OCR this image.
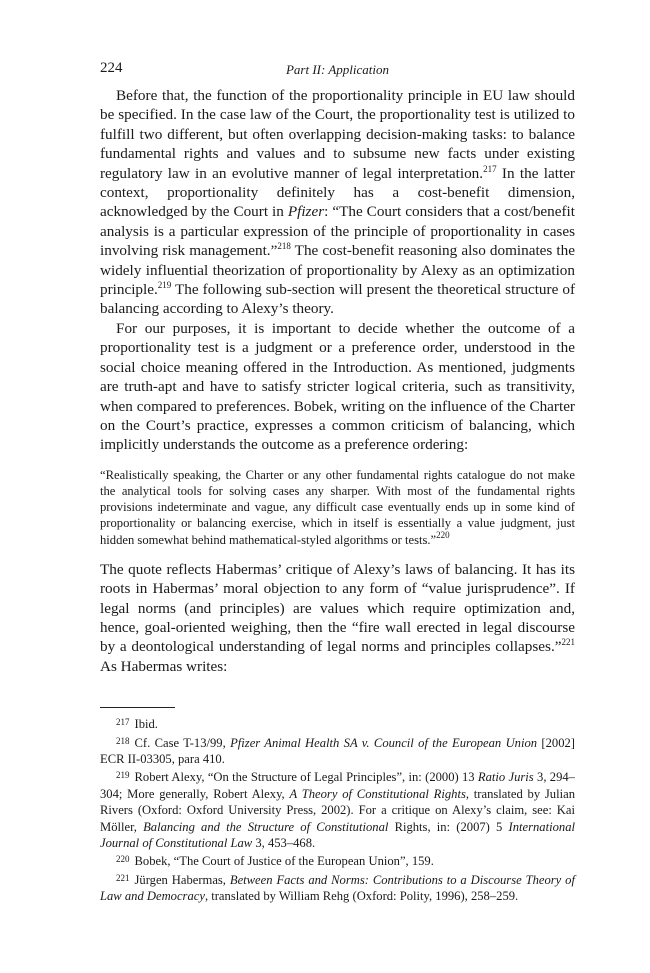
224	Part II: Application

Before that, the function of the proportionality principle in EU law should be specified. In the case law of the Court, the proportionality test is utilized to fulfill two different, but often overlapping decision-making tasks: to balance fundamental rights and values and to subsume new facts under existing regulatory law in an evolutive manner of legal interpretation.$^{217}$ In the latter context, proportionality definitely has a cost-benefit dimension, acknowledged by the Court in Pfizer: “The Court considers that a cost/benefit analysis is a particular expression of the principle of proportionality in cases involving risk management.”$^{218}$ The cost-benefit reasoning also dominates the widely influential theorization of proportionality by Alexy as an optimization principle.$^{219}$ The following sub-section will present the theoretical structure of balancing according to Alexy’s theory.

For our purposes, it is important to decide whether the outcome of a proportionality test is a judgment or a preference order, understood in the social choice meaning offered in the Introduction. As mentioned, judgments are truth-apt and have to satisfy stricter logical criteria, such as transitivity, when compared to preferences. Bobek, writing on the influence of the Charter on the Court’s practice, expresses a common criticism of balancing, which implicitly understands the outcome as a preference ordering:

“Realistically speaking, the Charter or any other fundamental rights catalogue do not make the analytical tools for solving cases any sharper. With most of the fundamental rights provisions indeterminate and vague, any difficult case eventually ends up in some kind of proportionality or balancing exercise, which in itself is essentially a value judgment, just hidden somewhat behind mathematical-styled algorithms or tests.”$^{220}$

The quote reflects Habermas’ critique of Alexy’s laws of balancing. It has its roots in Habermas’ moral objection to any form of “value jurisprudence”. If legal norms (and principles) are values which require optimization and, hence, goal-oriented weighing, then the “fire wall erected in legal discourse by a deontological understanding of legal norms and principles collapses.”$^{221}$ As Habermas writes:

$^{217}$ Ibid.

$^{218}$ Cf. Case T-13/99, Pfizer Animal Health SA v. Council of the European Union [2002] ECR II-03305, para 410.

$^{219}$ Robert Alexy, “On the Structure of Legal Principles”, in: (2000) 13 Ratio Juris 3, 294–304; More generally, Robert Alexy, A Theory of Constitutional Rights, translated by Julian Rivers (Oxford: Oxford University Press, 2002). For a critique on Alexy’s claim, see: Kai Möller, Balancing and the Structure of Constitutional Rights, in: (2007) 5 International Journal of Constitutional Law 3, 453–468.

$^{220}$ Bobek, “The Court of Justice of the European Union”, 159.

$^{221}$ Jürgen Habermas, Between Facts and Norms: Contributions to a Discourse Theory of Law and Democracy, translated by William Rehg (Oxford: Polity, 1996), 258–259.
